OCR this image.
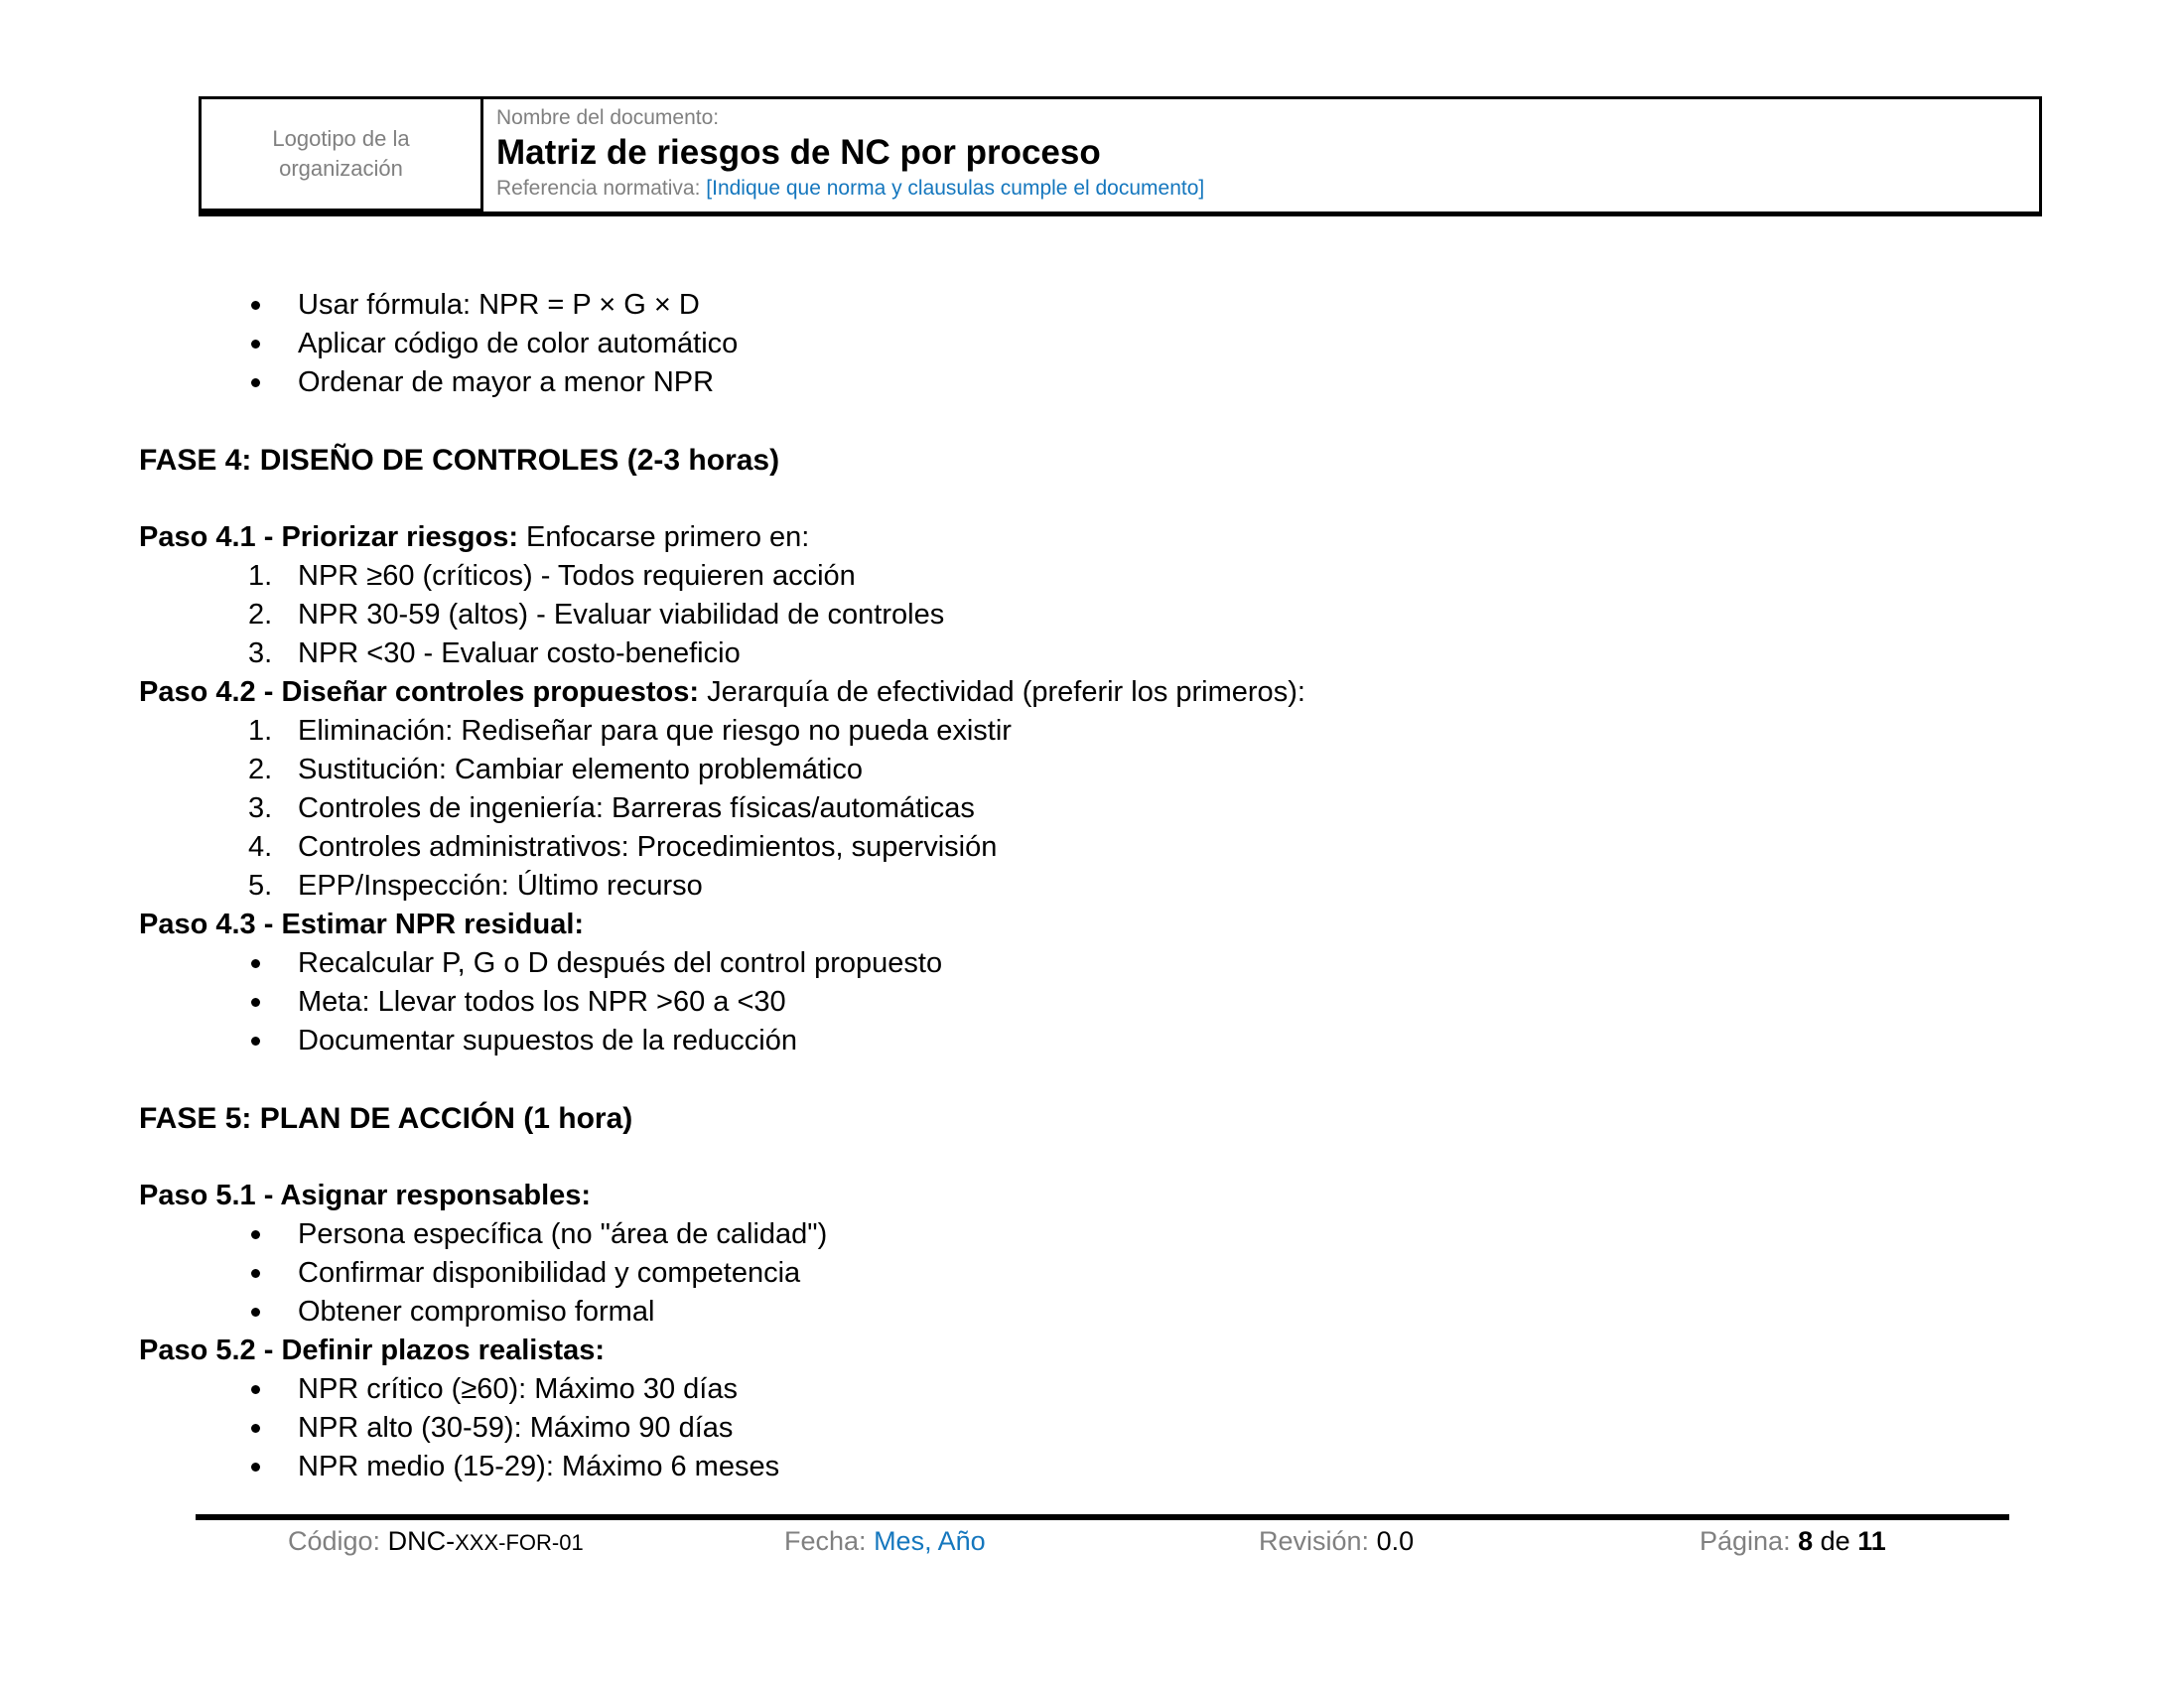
Logotipo de la
organización
Nombre del documento:
Matriz de riesgos de NC por proceso
Referencia normativa: [Indique que norma y clausulas cumple el documento]
Usar fórmula: NPR = P × G × D
Aplicar código de color automático
Ordenar de mayor a menor NPR
FASE 4: DISEÑO DE CONTROLES (2-3 horas)
Paso 4.1 - Priorizar riesgos: Enfocarse primero en:
1. NPR ≥60 (críticos) - Todos requieren acción
2. NPR 30-59 (altos) - Evaluar viabilidad de controles
3. NPR <30 - Evaluar costo-beneficio
Paso 4.2 - Diseñar controles propuestos: Jerarquía de efectividad (preferir los primeros):
1. Eliminación: Rediseñar para que riesgo no pueda existir
2. Sustitución: Cambiar elemento problemático
3. Controles de ingeniería: Barreras físicas/automáticas
4. Controles administrativos: Procedimientos, supervisión
5. EPP/Inspección: Último recurso
Paso 4.3 - Estimar NPR residual:
Recalcular P, G o D después del control propuesto
Meta: Llevar todos los NPR >60 a <30
Documentar supuestos de la reducción
FASE 5: PLAN DE ACCIÓN (1 hora)
Paso 5.1 - Asignar responsables:
Persona específica (no "área de calidad")
Confirmar disponibilidad y competencia
Obtener compromiso formal
Paso 5.2 - Definir plazos realistas:
NPR crítico (≥60): Máximo 30 días
NPR alto (30-59): Máximo 90 días
NPR medio (15-29): Máximo 6 meses
Código: DNC-XXX-FOR-01	Fecha: Mes, Año	Revisión: 0.0	Página: 8 de 11
